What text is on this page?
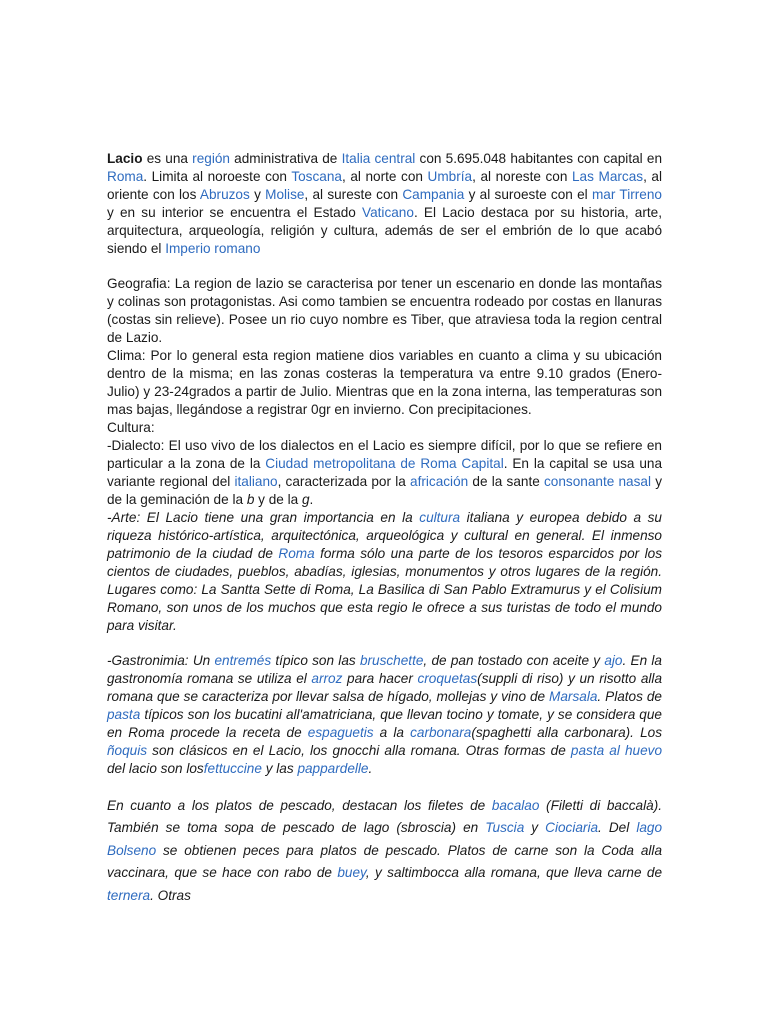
Lacio es una región administrativa de Italia central con 5.695.048 habitantes con capital en Roma. Limita al noroeste con Toscana, al norte con Umbría, al noreste con Las Marcas, al oriente con los Abruzos y Molise, al sureste con Campania y al suroeste con el mar Tirreno y en su interior se encuentra el Estado Vaticano. El Lacio destaca por su historia, arte, arquitectura, arqueología, religión y cultura, además de ser el embrión de lo que acabó siendo el Imperio romano

Geografia: La region de lazio se caracterisa por tener un escenario en donde las montañas y colinas son protagonistas. Asi como tambien se encuentra rodeado por costas en llanuras (costas sin relieve). Posee un rio cuyo nombre es Tiber, que atraviesa toda la region central de Lazio.

Clima: Por lo general esta region matiene dios variables en cuanto a clima y su ubicación dentro de la misma; en las zonas costeras la temperatura va entre 9.10 grados (Enero-Julio) y 23-24grados a partir de Julio. Mientras que en la zona interna, las temperaturas son mas bajas, llegándose a registrar 0gr en invierno. Con precipitaciones.

Cultura:

-Dialecto: El uso vivo de los dialectos en el Lacio es siempre difícil, por lo que se refiere en particular a la zona de la Ciudad metropolitana de Roma Capital. En la capital se usa una variante regional del italiano, caracterizada por la africación de la sante consonante nasal y de la geminación de la b y de la g.

-Arte: El Lacio tiene una gran importancia en la cultura italiana y europea debido a su riqueza histórico-artística, arquitectónica, arqueológica y cultural en general. El inmenso patrimonio de la ciudad de Roma forma sólo una parte de los tesoros esparcidos por los cientos de ciudades, pueblos, abadías, iglesias, monumentos y otros lugares de la región. Lugares como: La Santta Sette di Roma, La Basilica di San Pablo Extramurus y el Colisium Romano, son unos de los muchos que esta regio le ofrece a sus turistas de todo el mundo para visitar.

-Gastronimia: Un entremés típico son las bruschette, de pan tostado con aceite y ajo. En la gastronomía romana se utiliza el arroz para hacer croquetas(suppli di riso) y un risotto alla romana que se caracteriza por llevar salsa de hígado, mollejas y vino de Marsala. Platos de pasta típicos son los bucatini all'amatriciana, que llevan tocino y tomate, y se considera que en Roma procede la receta de espaguetis a la carbonara(spaghetti alla carbonara). Los ñoquis son clásicos en el Lacio, los gnocchi alla romana. Otras formas de pasta al huevo del lacio son losfettuccine y las pappardelle.

En cuanto a los platos de pescado, destacan los filetes de bacalao (Filetti di baccalà). También se toma sopa de pescado de lago (sbroscia) en Tuscia y Ciociaria. Del lago Bolseno se obtienen peces para platos de pescado. Platos de carne son la Coda alla vaccinara, que se hace con rabo de buey, y saltimbocca alla romana, que lleva carne de ternera. Otras
